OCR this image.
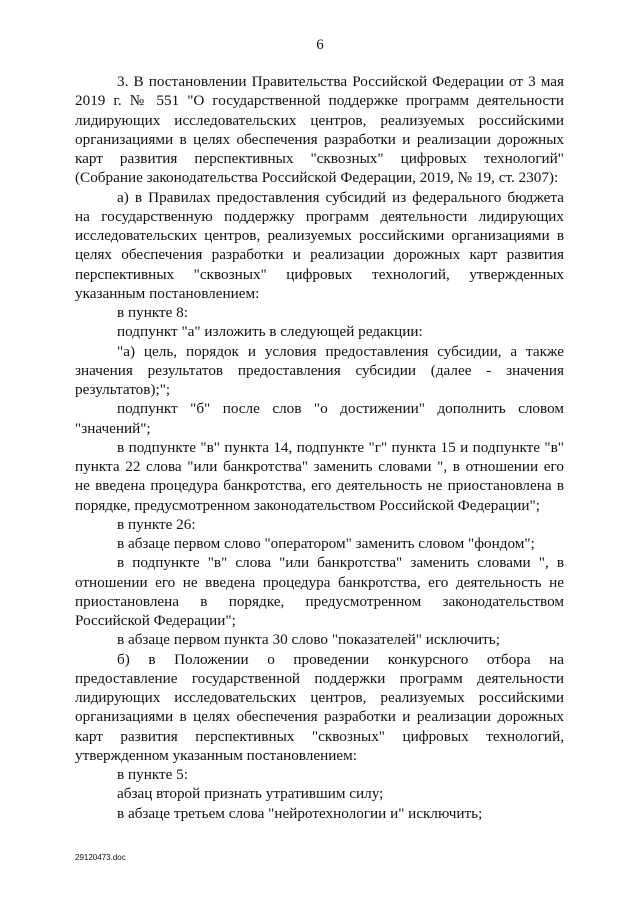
6

3. В постановлении Правительства Российской Федерации от 3 мая 2019 г. № 551 "О государственной поддержке программ деятельности лидирующих исследовательских центров, реализуемых российскими организациями в целях обеспечения разработки и реализации дорожных карт развития перспективных "сквозных" цифровых технологий" (Собрание законодательства Российской Федерации, 2019, № 19, ст. 2307):

а) в Правилах предоставления субсидий из федерального бюджета на государственную поддержку программ деятельности лидирующих исследовательских центров, реализуемых российскими организациями в целях обеспечения разработки и реализации дорожных карт развития перспективных "сквозных" цифровых технологий, утвержденных указанным постановлением:

в пункте 8:

подпункт "а" изложить в следующей редакции:

"а) цель, порядок и условия предоставления субсидии, а также значения результатов предоставления субсидии (далее - значения результатов);";

подпункт "б" после слов "о достижении" дополнить словом "значений";

в подпункте "в" пункта 14, подпункте "г" пункта 15 и подпункте "в" пункта 22 слова "или банкротства" заменить словами ", в отношении его не введена процедура банкротства, его деятельность не приостановлена в порядке, предусмотренном законодательством Российской Федерации";

в пункте 26:

в абзаце первом слово "оператором" заменить словом "фондом";

в подпункте "в" слова "или банкротства" заменить словами ", в отношении его не введена процедура банкротства, его деятельность не приостановлена в порядке, предусмотренном законодательством Российской Федерации";

в абзаце первом пункта 30 слово "показателей" исключить;

б) в Положении о проведении конкурсного отбора на предоставление государственной поддержки программ деятельности лидирующих исследовательских центров, реализуемых российскими организациями в целях обеспечения разработки и реализации дорожных карт развития перспективных "сквозных" цифровых технологий, утвержденном указанным постановлением:

в пункте 5:

абзац второй признать утратившим силу;

в абзаце третьем слова "нейротехнологии и" исключить;

29120473.doc
